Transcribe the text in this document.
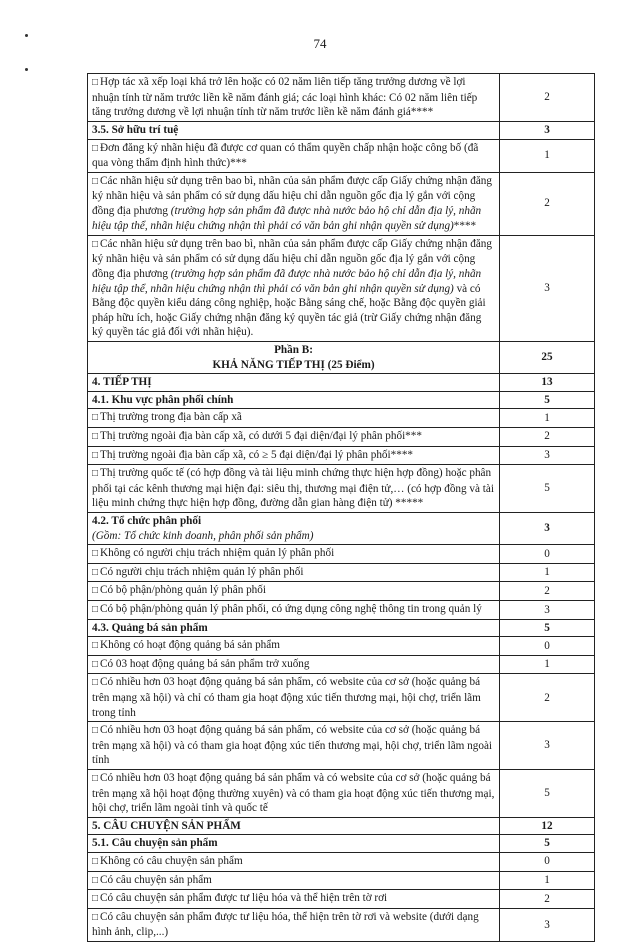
74
□ Hợp tác xã xếp loại khá trở lên hoặc có 02 năm liên tiếp tăng trưởng dương về lợi nhuận tính từ năm trước liền kề năm đánh giá; các loại hình khác: Có 02 năm liên tiếp tăng trưởng dương về lợi nhuận tính từ năm trước liền kề năm đánh giá****	2
3.5. Sở hữu trí tuệ	3
□ Đơn đăng ký nhãn hiệu đã được cơ quan có thẩm quyền chấp nhận hoặc công bố (đã qua vòng thẩm định hình thức)***	1
□ Các nhãn hiệu sử dụng trên bao bì, nhãn của sản phẩm được cấp Giấy chứng nhận đăng ký nhãn hiệu và sản phẩm có sử dụng dấu hiệu chỉ dẫn nguồn gốc địa lý gắn với cộng đồng địa phương (trường hợp sản phẩm đã được nhà nước bảo hộ chỉ dẫn địa lý, nhãn hiệu tập thể, nhãn hiệu chứng nhận thì phải có văn bản ghi nhận quyền sử dụng)****	2
□ Các nhãn hiệu sử dụng trên bao bì, nhãn của sản phẩm được cấp Giấy chứng nhận đăng ký nhãn hiệu và sản phẩm có sử dụng dấu hiệu chỉ dẫn nguồn gốc địa lý gắn với cộng đồng địa phương (trường hợp sản phẩm đã được nhà nước bảo hộ chỉ dẫn địa lý, nhãn hiệu tập thể, nhãn hiệu chứng nhận thì phải có văn bản ghi nhận quyền sử dụng) và có Bằng độc quyền kiểu dáng công nghiệp, hoặc Bằng sáng chế, hoặc Bằng độc quyền giải pháp hữu ích, hoặc Giấy chứng nhận đăng ký quyền tác giả (trừ Giấy chứng nhận đăng ký quyền tác giả đối với nhãn hiệu).	3
Phần B:
KHẢ NĂNG TIẾP THỊ (25 Điểm)	25
4. TIẾP THỊ	13
4.1. Khu vực phân phối chính	5
□ Thị trường trong địa bàn cấp xã	1
□ Thị trường ngoài địa bàn cấp xã, có dưới 5 đại diện/đại lý phân phối***	2
□ Thị trường ngoài địa bàn cấp xã, có ≥ 5 đại diện/đại lý phân phối****	3
□ Thị trường quốc tế (có hợp đồng và tài liệu minh chứng thực hiện hợp đồng) hoặc phân phối tại các kênh thương mại hiện đại: siêu thị, thương mại điện tử,… (có hợp đồng và tài liệu minh chứng thực hiện hợp đồng, đường dẫn gian hàng điện tử) *****	5
4.2. Tổ chức phân phối
(Gồm: Tổ chức kinh doanh, phân phối sản phẩm)	3
□ Không có người chịu trách nhiệm quản lý phân phối	0
□ Có người chịu trách nhiệm quản lý phân phối	1
□ Có bộ phận/phòng quản lý phân phối	2
□ Có bộ phận/phòng quản lý phân phối, có ứng dụng công nghệ thông tin trong quản lý	3
4.3. Quảng bá sản phẩm	5
□ Không có hoạt động quảng bá sản phẩm	0
□ Có 03 hoạt động quảng bá sản phẩm trở xuống	1
□ Có nhiều hơn 03 hoạt động quảng bá sản phẩm, có website của cơ sở (hoặc quảng bá trên mạng xã hội) và chỉ có tham gia hoạt động xúc tiến thương mại, hội chợ, triển lãm trong tỉnh	2
□ Có nhiều hơn 03 hoạt động quảng bá sản phẩm, có website của cơ sở (hoặc quảng bá trên mạng xã hội) và có tham gia hoạt động xúc tiến thương mại, hội chợ, triển lãm ngoài tỉnh	3
□ Có nhiều hơn 03 hoạt động quảng bá sản phẩm và có website của cơ sở (hoặc quảng bá trên mạng xã hội hoạt động thường xuyên) và có tham gia hoạt động xúc tiến thương mại, hội chợ, triển lãm ngoài tỉnh và quốc tế	5
5. CÂU CHUYỆN SẢN PHẨM	12
5.1. Câu chuyện sản phẩm	5
□ Không có câu chuyện sản phẩm	0
□ Có câu chuyện sản phẩm	1
□ Có câu chuyện sản phẩm được tư liệu hóa và thể hiện trên tờ rơi	2
□ Có câu chuyện sản phẩm được tư liệu hóa, thể hiện trên tờ rơi và website (dưới dạng hình ảnh, clip,...)	3
